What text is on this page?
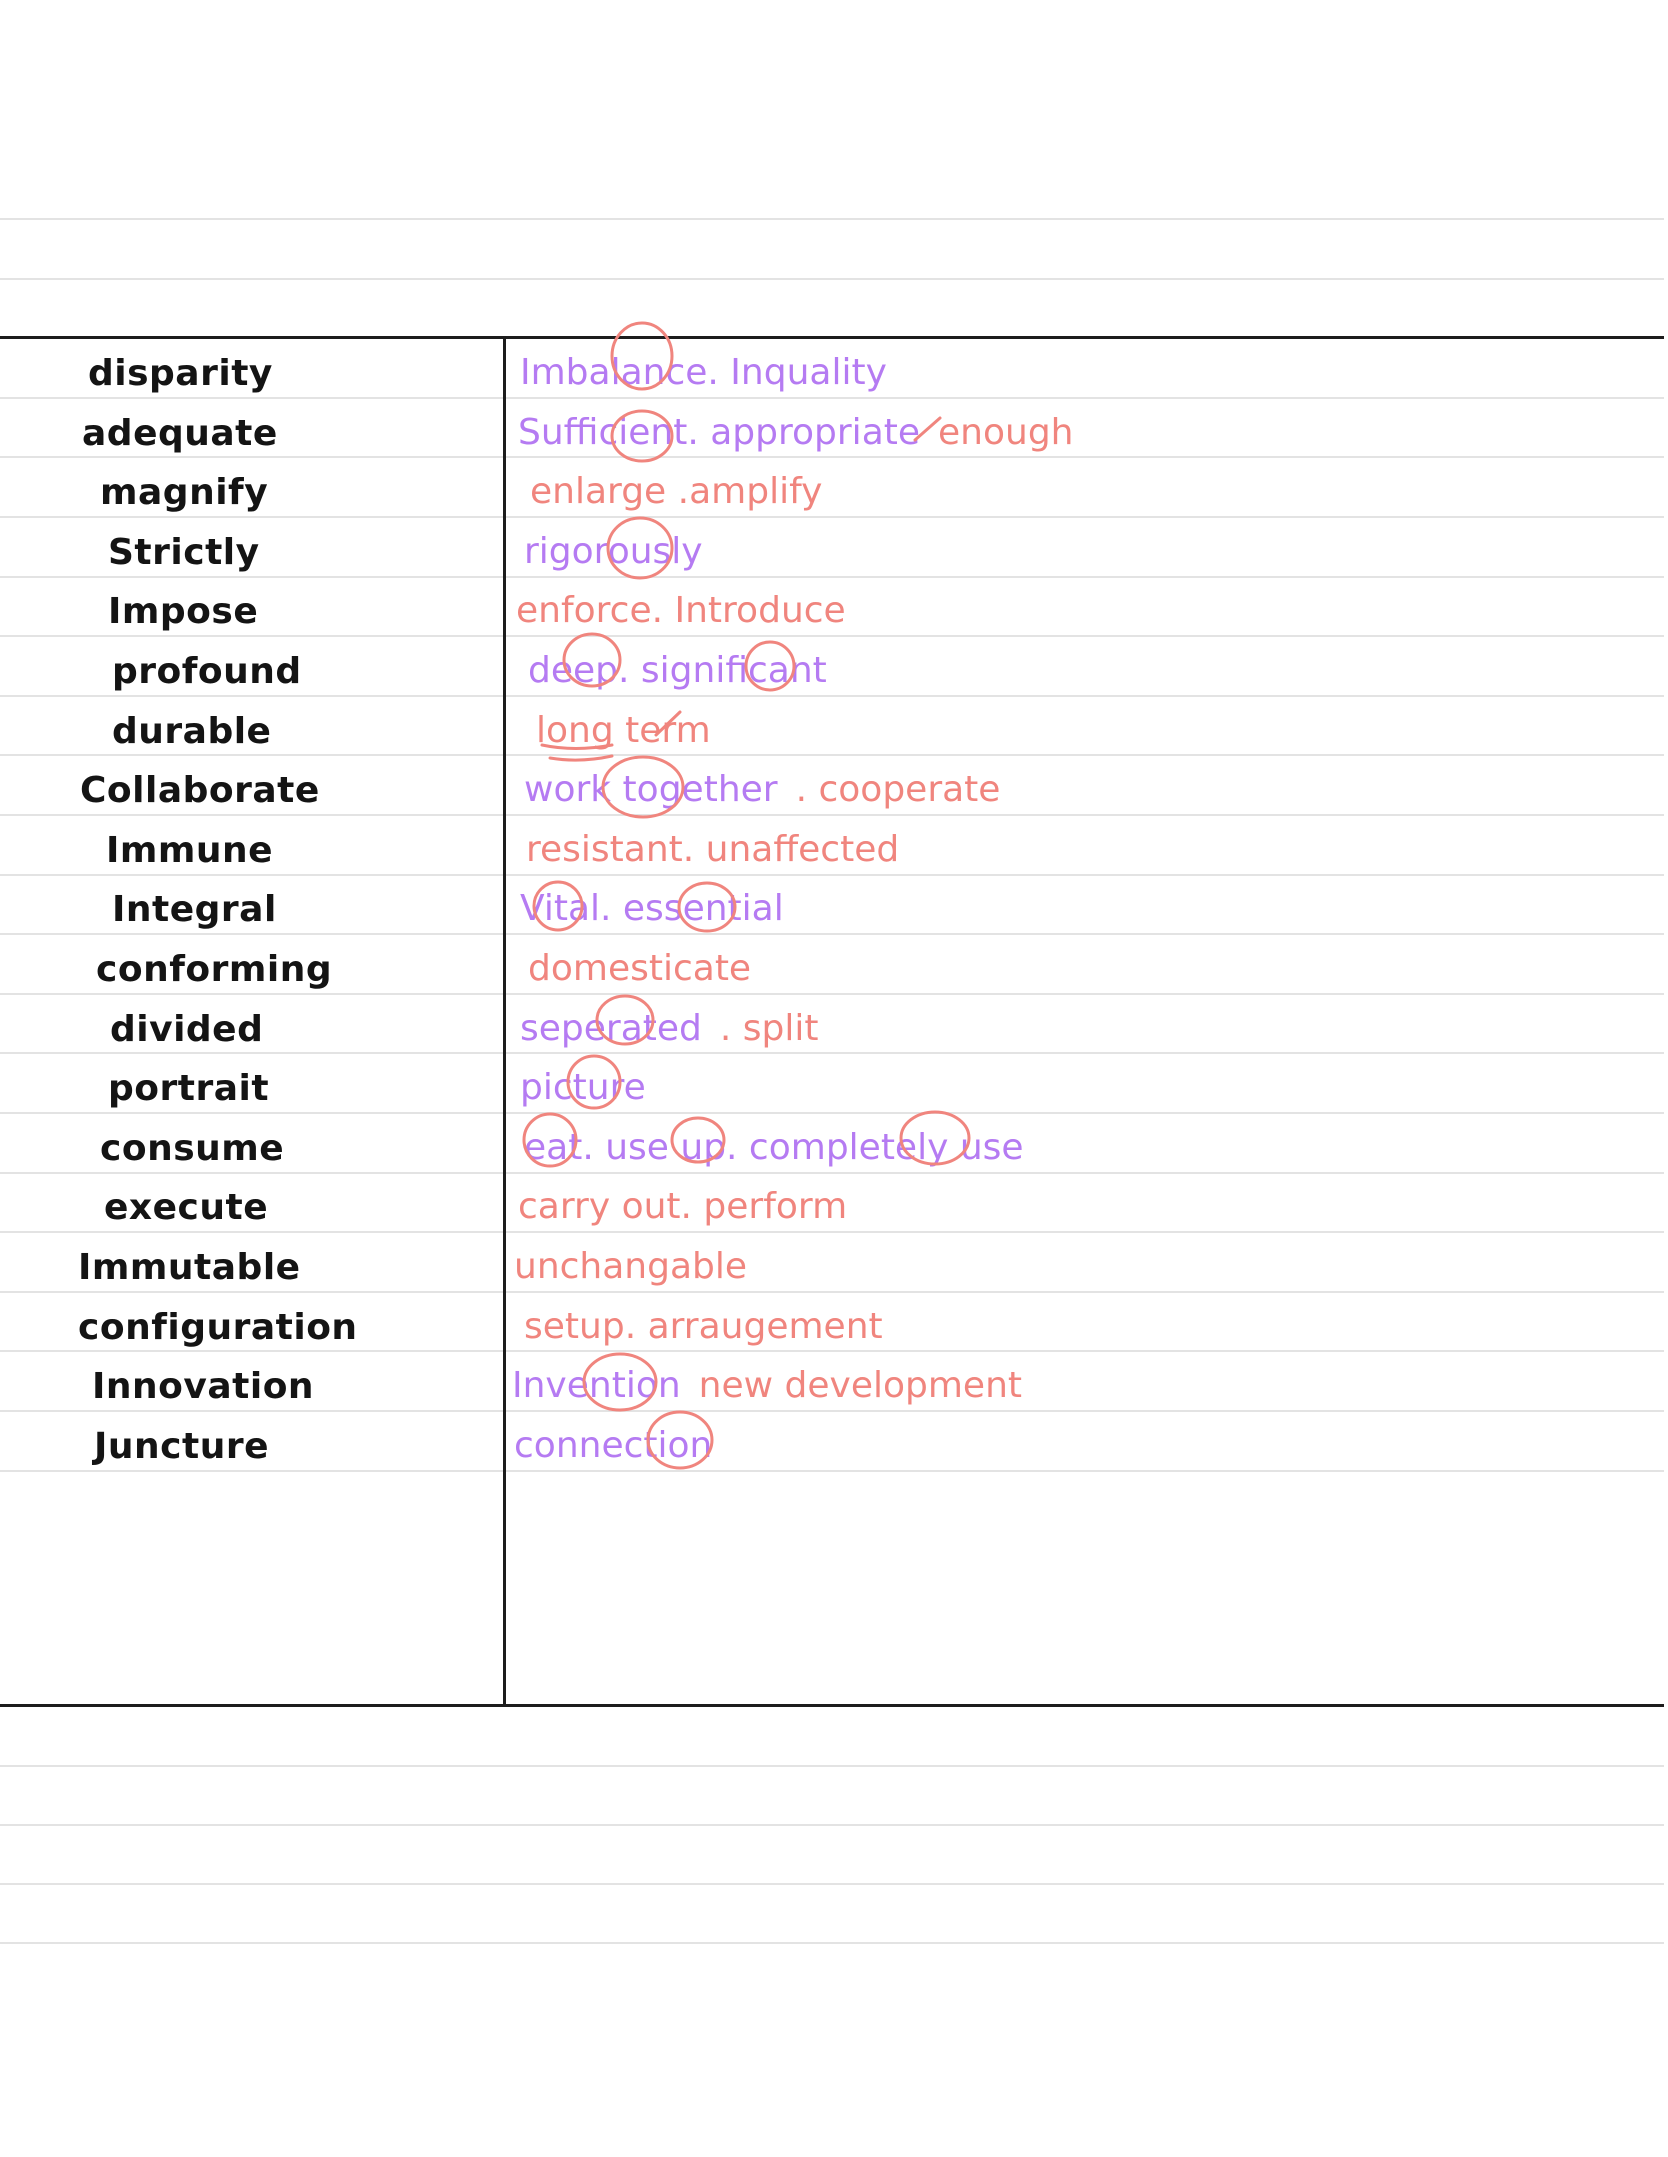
disparity	Imbalance. Inquality
adequate	Sufficient. appropriate enough
magnify	enlarge .amplify
Strictly	rigorously
Impose	enforce. Introduce
profound	deep. significant
durable	long term
Collaborate	work together . cooperate
Immune	resistant. unaffected
Integral	Vital. essential
conforming	domesticate
divided	seperated . split
portrait	picture
consume	eat. use up. completely use
execute	carry out. perform
Immutable	unchangable
configuration	setup. arraugement
Innovation	Invention new development
Juncture	connection
